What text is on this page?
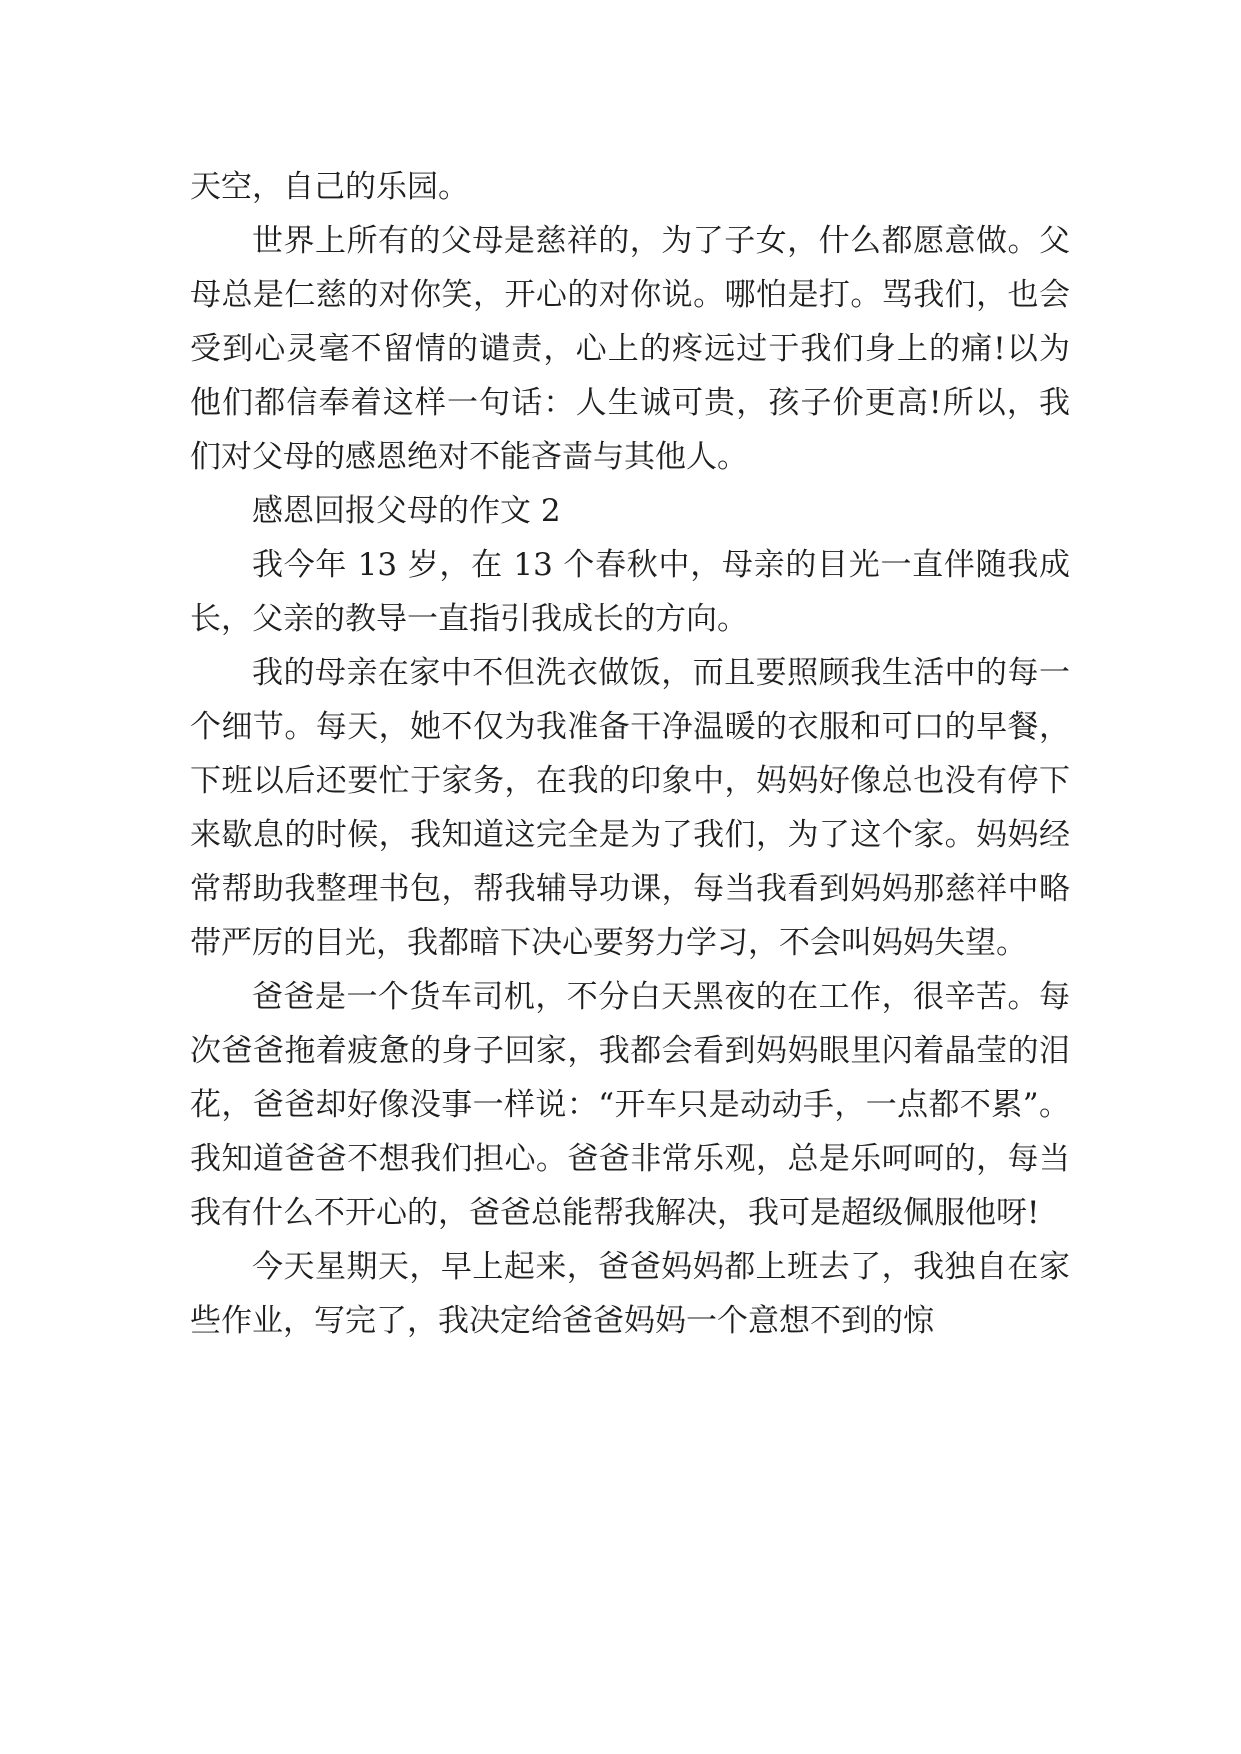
天空，自己的乐园。

世界上所有的父母是慈祥的，为了子女，什么都愿意做。父母总是仁慈的对你笑，开心的对你说。哪怕是打。骂我们，也会受到心灵毫不留情的谴责，心上的疼远过于我们身上的痛!以为他们都信奉着这样一句话：人生诚可贵，孩子价更高!所以，我们对父母的感恩绝对不能吝啬与其他人。

感恩回报父母的作文 2

我今年 13 岁，在 13 个春秋中，母亲的目光一直伴随我成长，父亲的教导一直指引我成长的方向。

我的母亲在家中不但洗衣做饭，而且要照顾我生活中的每一个细节。每天，她不仅为我准备干净温暖的衣服和可口的早餐，下班以后还要忙于家务，在我的印象中，妈妈好像总也没有停下来歇息的时候，我知道这完全是为了我们，为了这个家。妈妈经常帮助我整理书包，帮我辅导功课，每当我看到妈妈那慈祥中略带严厉的目光，我都暗下决心要努力学习，不会叫妈妈失望。

爸爸是一个货车司机，不分白天黑夜的在工作，很辛苦。每次爸爸拖着疲惫的身子回家，我都会看到妈妈眼里闪着晶莹的泪花，爸爸却好像没事一样说：“开车只是动动手，一点都不累”。我知道爸爸不想我们担心。爸爸非常乐观，总是乐呵呵的，每当我有什么不开心的，爸爸总能帮我解决，我可是超级佩服他呀!

今天星期天，早上起来，爸爸妈妈都上班去了，我独自在家些作业，写完了，我决定给爸爸妈妈一个意想不到的惊
